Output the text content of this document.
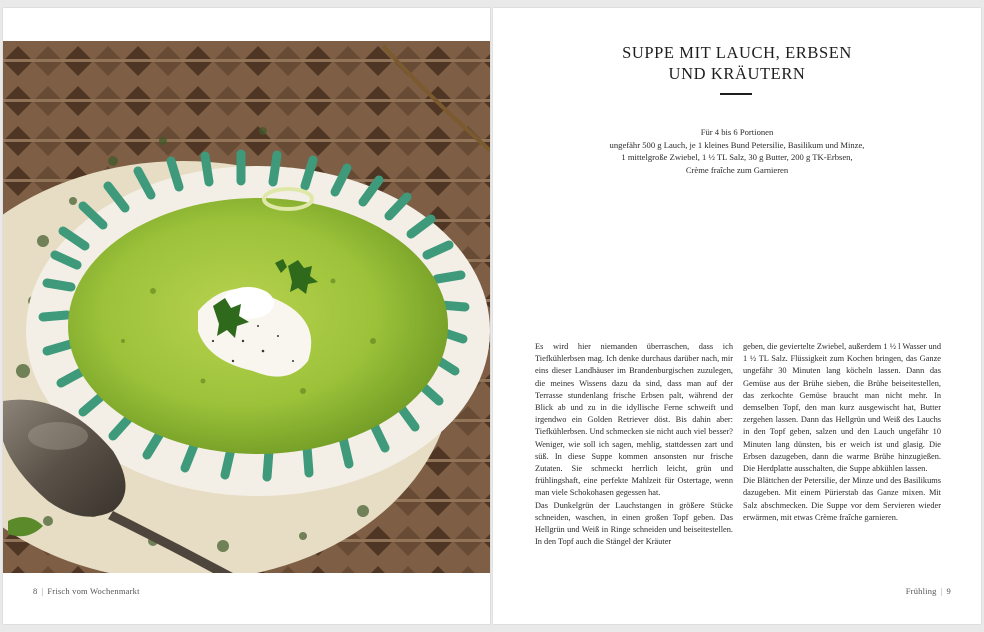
8 | Frisch vom Wochenmarkt
SUPPE MIT LAUCH, ERBSEN
UND KRÄUTERN
Für 4 bis 6 Portionen
ungefähr 500 g Lauch, je 1 kleines Bund Petersilie, Basilikum und Minze,
1 mittelgroße Zwiebel, 1 ½ TL Salz, 30 g Butter, 200 g TK-Erbsen,
Crème fraîche zum Garnieren

Es wird hier niemanden überraschen, dass ich Tiefkühlerbsen mag. Ich denke durchaus darüber nach, mir eins dieser Landhäuser im Brandenburgischen zuzulegen, die meines Wissens dazu da sind, dass man auf der Terrasse stundenlang frische Erbsen palt, während der Blick ab und zu in die idyllische Ferne schweift und irgendwo ein Golden Retriever döst. Bis dahin aber: Tiefkühlerbsen. Und schmecken sie nicht auch viel besser? Weniger, wie soll ich sagen, mehlig, stattdessen zart und süß. In diese Suppe kommen ansonsten nur frische Zutaten. Sie schmeckt herrlich leicht, grün und frühlingshaft, eine perfekte Mahlzeit für Ostertage, wenn man viele Schokohasen gegessen hat.

Das Dunkelgrün der Lauchstangen in größere Stücke schneiden, waschen, in einen großen Topf geben. Das Hellgrün und Weiß in Ringe schneiden und beiseitestellen. In den Topf auch die Stängel der Kräuter

geben, die geviertelte Zwiebel, außerdem 1 ½ l Wasser und 1 ½ TL Salz. Flüssigkeit zum Kochen bringen, das Ganze ungefähr 30 Minuten lang köcheln lassen. Dann das Gemüse aus der Brühe sieben, die Brühe beiseitestellen, das zerkochte Gemüse braucht man nicht mehr. In demselben Topf, den man kurz ausgewischt hat, Butter zergehen lassen. Dann das Hellgrün und Weiß des Lauchs in den Topf geben, salzen und den Lauch ungefähr 10 Minuten lang dünsten, bis er weich ist und glasig. Die Erbsen dazugeben, dann die warme Brühe hinzugießen. Die Herdplatte ausschalten, die Suppe abkühlen lassen.

Die Blättchen der Petersilie, der Minze und des Basilikums dazugeben. Mit einem Pürierstab das Ganze mixen. Mit Salz abschmecken. Die Suppe vor dem Servieren wieder erwärmen, mit etwas Crème fraîche garnieren.

Frühling | 9
